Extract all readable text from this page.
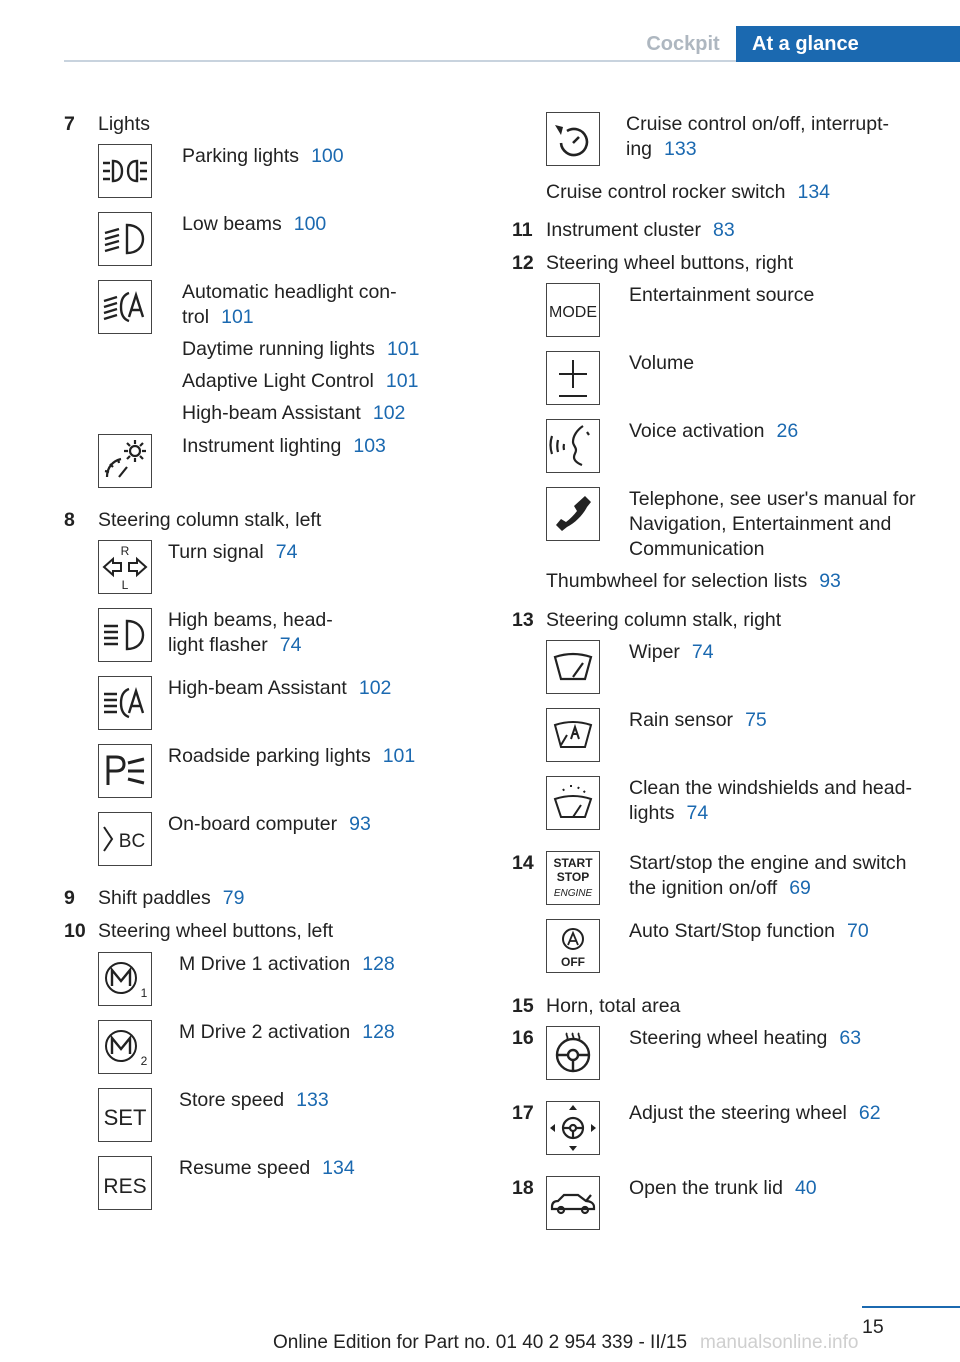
Cockpit	At a glance
7 Lights
Parking lights 100
Low beams 100
Automatic headlight con-
trol 101
Daytime running lights 101
Adaptive Light Control 101
High-beam Assistant 102
Instrument lighting 103
8 Steering column stalk, left
R
L
Turn signal 74
High beams, head-
light flasher 74
High-beam Assistant 102
Roadside parking lights 101
BC
On-board computer 93
9 Shift paddles 79
10 Steering wheel buttons, left
1
M Drive 1 activation 128
2
M Drive 2 activation 128
SET
Store speed 133
RES
Resume speed 134
Cruise control on/off, interrupt-
ing 133
Cruise control rocker switch 134
11 Instrument cluster 83
12 Steering wheel buttons, right
MODE
Entertainment source
Volume
Voice activation 26
Telephone, see user's manual for
Navigation, Entertainment and
Communication
Thumbwheel for selection lists 93
13 Steering column stalk, right
Wiper 74
Rain sensor 75
Clean the windshields and head-
lights 74
14 START
STOP
ENGINE
Start/stop the engine and switch
the ignition on/off 69
OFF
Auto Start/Stop function 70
15 Horn, total area
16	Steering wheel heating 63
17	Adjust the steering wheel 62
18	Open the trunk lid 40
15
Online Edition for Part no. 01 40 2 954 339 - II/15 manualsonline.info
